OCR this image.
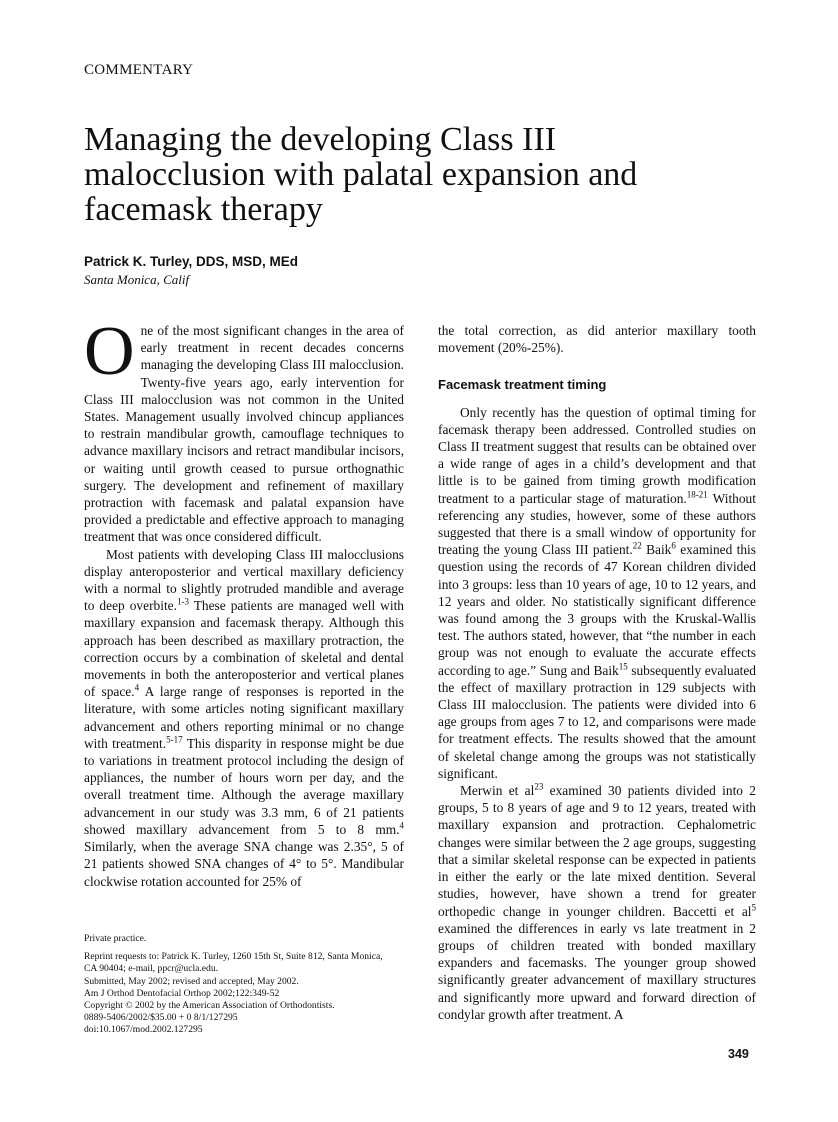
COMMENTARY
Managing the developing Class III malocclusion with palatal expansion and facemask therapy
Patrick K. Turley, DDS, MSD, MEd
Santa Monica, Calif

One of the most significant changes in the area of early treatment in recent decades concerns managing the developing Class III malocclusion. Twenty-five years ago, early intervention for Class III malocclusion was not common in the United States. Management usually involved chincup appliances to restrain mandibular growth, camouflage techniques to advance maxillary incisors and retract mandibular incisors, or waiting until growth ceased to pursue orthognathic surgery. The development and refinement of maxillary protraction with facemask and palatal expansion have provided a predictable and effective approach to managing treatment that was once considered difficult.

Most patients with developing Class III malocclusions display anteroposterior and vertical maxillary deficiency with a normal to slightly protruded mandible and average to deep overbite.$^{1-3}$ These patients are managed well with maxillary expansion and facemask therapy. Although this approach has been described as maxillary protraction, the correction occurs by a combination of skeletal and dental movements in both the anteroposterior and vertical planes of space.$^4$ A large range of responses is reported in the literature, with some articles noting significant maxillary advancement and others reporting minimal or no change with treatment.$^{5-17}$ This disparity in response might be due to variations in treatment protocol including the design of appliances, the number of hours worn per day, and the overall treatment time. Although the average maxillary advancement in our study was 3.3 mm, 6 of 21 patients showed maxillary advancement from 5 to 8 mm.$^4$ Similarly, when the average SNA change was 2.35°, 5 of 21 patients showed SNA changes of 4° to 5°. Mandibular clockwise rotation accounted for 25% of

the total correction, as did anterior maxillary tooth movement (20%-25%).

Facemask treatment timing

Only recently has the question of optimal timing for facemask therapy been addressed. Controlled studies on Class II treatment suggest that results can be obtained over a wide range of ages in a child’s development and that little is to be gained from timing growth modification treatment to a particular stage of maturation.$^{18-21}$ Without referencing any studies, however, some of these authors suggested that there is a small window of opportunity for treating the young Class III patient.$^{22}$ Baik$^6$ examined this question using the records of 47 Korean children divided into 3 groups: less than 10 years of age, 10 to 12 years, and 12 years and older. No statistically significant difference was found among the 3 groups with the Kruskal-Wallis test. The authors stated, however, that “the number in each group was not enough to evaluate the accurate effects according to age.” Sung and Baik$^{15}$ subsequently evaluated the effect of maxillary protraction in 129 subjects with Class III malocclusion. The patients were divided into 6 age groups from ages 7 to 12, and comparisons were made for treatment effects. The results showed that the amount of skeletal change among the groups was not statistically significant.

Merwin et $al^{23}$ examined 30 patients divided into 2 groups, 5 to 8 years of age and 9 to 12 years, treated with maxillary expansion and protraction. Cephalometric changes were similar between the 2 age groups, suggesting that a similar skeletal response can be expected in patients in either the early or the late mixed dentition. Several studies, however, have shown a trend for greater orthopedic change in younger children. Baccetti et $al^5$ examined the differences in early vs late treatment in 2 groups of children treated with bonded maxillary expanders and facemasks. The younger group showed significantly greater advancement of maxillary structures and significantly more upward and forward direction of condylar growth after treatment. A

Private practice.
Reprint requests to: Patrick K. Turley, 1260 15th St, Suite 812, Santa Monica,
CA 90404; e-mail, ppcr@ucla.edu.
Submitted, May 2002; revised and accepted, May 2002.
Am J Orthod Dentofacial Orthop 2002;122:349-52
Copyright © 2002 by the American Association of Orthodontists.
0889-5406/2002/$35.00 + 0 8/1/127295
doi:10.1067/mod.2002.127295
349
